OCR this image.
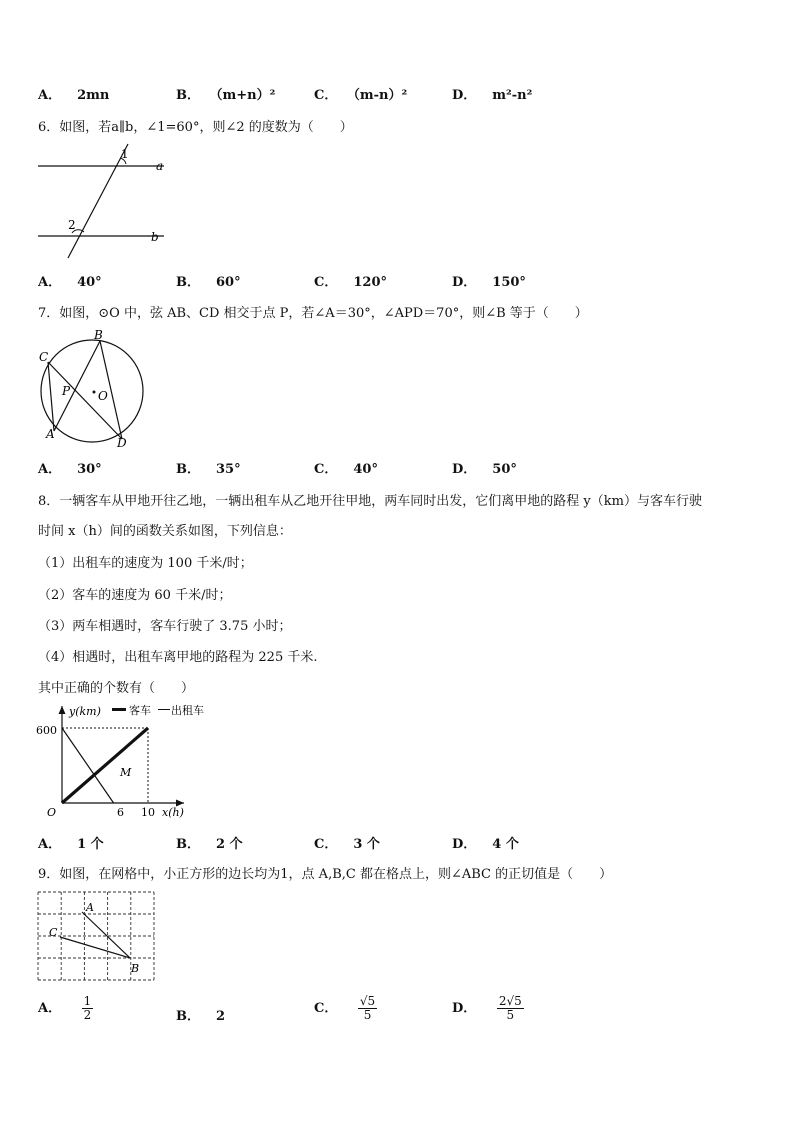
A． 2mn	B． （m+n）²	C． （m-n）²	D． m²-n²
6．如图，若a∥b，∠1=60°，则∠2 的度数为（　　）
1
2
a
b
A． 40°	B． 60°	C． 120°	D． 150°
7．如图，⊙O 中，弦 AB、CD 相交于点 P，若∠A＝30°，∠APD＝70°，则∠B 等于（　　）
B
C
P O
A
D
A． 30°	B． 35°	C． 40°	D． 50°
8．一辆客车从甲地开往乙地，一辆出租车从乙地开往甲地，两车同时出发，它们离甲地的路程 y（km）与客车行驶
时间 x（h）间的函数关系如图，下列信息：
（1）出租车的速度为 100 千米/时；
（2）客车的速度为 60 千米/时；
（3）两车相遇时，客车行驶了 3.75 小时；
（4）相遇时，出租车离甲地的路程为 225 千米.
其中正确的个数有（　　）
y(km)	客车 出租车
O
600
6 10 x(h)
M
A． 1 个	B． 2 个	C． 3 个	D． 4 个
9．如图，在网格中，小正方形的边长均为1，点 A,B,C 都在格点上，则∠ABC 的正切值是（　　）
A
C
B
A． $\frac{1}{2}$	B． 2
C． $\frac{√5}{5}$	D． $\frac{2√5}{5}$
